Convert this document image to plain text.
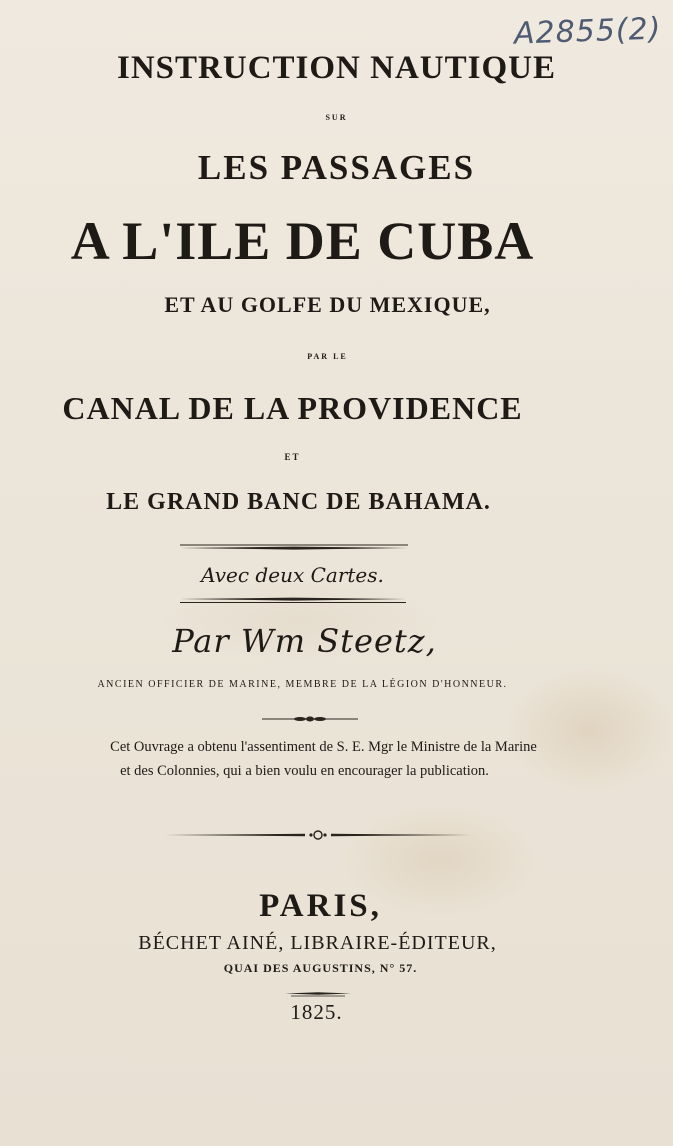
A2855(2)
INSTRUCTION NAUTIQUE
SUR
LES PASSAGES
A L'ILE DE CUBA
ET AU GOLFE DU MEXIQUE,
PAR LE
CANAL DE LA PROVIDENCE
ET
LE GRAND BANC DE BAHAMA.
Avec deux Cartes.
Par Wm Steetz,
ANCIEN OFFICIER DE MARINE, MEMBRE DE LA LÉGION D'HONNEUR.
Cet Ouvrage a obtenu l'assentiment de S. E. Mgr le Ministre de la Marine
et des Colonnies, qui a bien voulu en encourager la publication.
PARIS,
BÉCHET AINÉ, LIBRAIRE-ÉDITEUR,
QUAI DES AUGUSTINS, N° 57.
1825.
